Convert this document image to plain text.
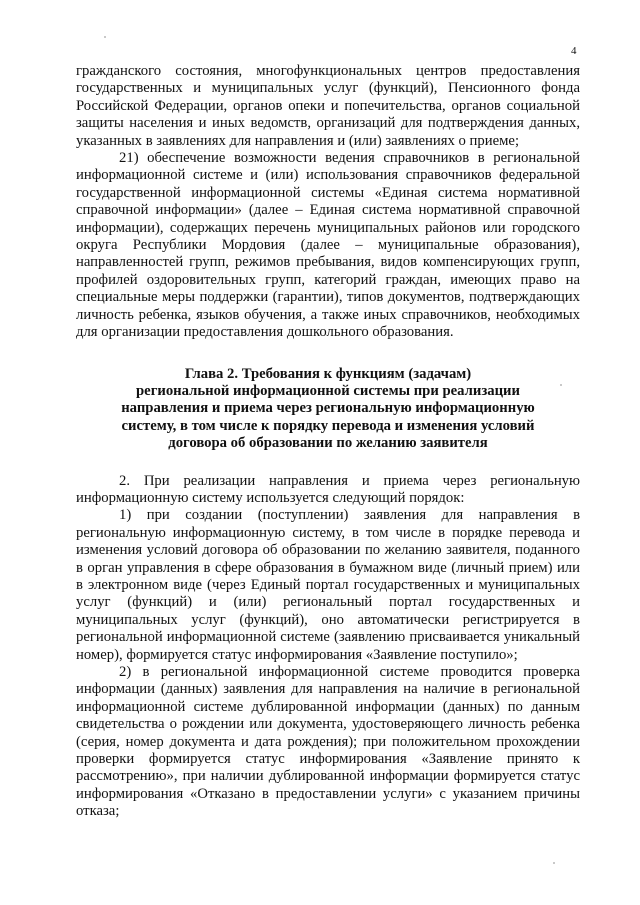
4

гражданского состояния, многофункциональных центров предоставления государственных и муниципальных услуг (функций), Пенсионного фонда Российской Федерации, органов опеки и попечительства, органов социальной защиты населения и иных ведомств, организаций для подтверждения данных, указанных в заявлениях для направления и (или) заявлениях о приеме;

21) обеспечение возможности ведения справочников в региональной информационной системе и (или) использования справочников федеральной государственной информационной системы «Единая система нормативной справочной информации» (далее – Единая система нормативной справочной информации), содержащих перечень муниципальных районов или городского округа Республики Мордовия (далее – муниципальные образования), направленностей групп, режимов пребывания, видов компенсирующих групп, профилей оздоровительных групп, категорий граждан, имеющих право на специальные меры поддержки (гарантии), типов документов, подтверждающих личность ребенка, языков обучения, а также иных справочников, необходимых для организации предоставления дошкольного образования.

Глава 2. Требования к функциям (задачам)
региональной информационной системы при реализации
направления и приема через региональную информационную
систему, в том числе к порядку перевода и изменения условий
договора об образовании по желанию заявителя

2. При реализации направления и приема через региональную информационную систему используется следующий порядок:

1) при создании (поступлении) заявления для направления в региональную информационную систему, в том числе в порядке перевода и изменения условий договора об образовании по желанию заявителя, поданного в орган управления в сфере образования в бумажном виде (личный прием) или в электронном виде (через Единый портал государственных и муниципальных услуг (функций) и (или) региональный портал государственных и муниципальных услуг (функций), оно автоматически регистрируется в региональной информационной системе (заявлению присваивается уникальный номер), формируется статус информирования «Заявление поступило»;

2) в региональной информационной системе проводится проверка информации (данных) заявления для направления на наличие в региональной информационной системе дублированной информации (данных) по данным свидетельства о рождении или документа, удостоверяющего личность ребенка (серия, номер документа и дата рождения); при положительном прохождении проверки формируется статус информирования «Заявление принято к рассмотрению», при наличии дублированной информации формируется статус информирования «Отказано в предоставлении услуги» с указанием причины отказа;
